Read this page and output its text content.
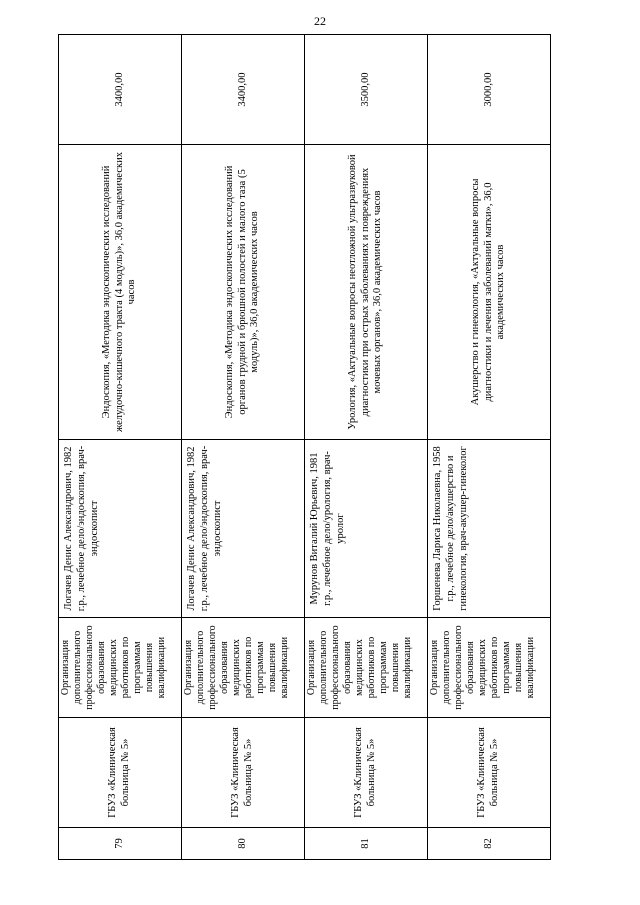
22
79	ГБУЗ «Клиническая больница № 5»	Организация дополнительного профессионального образования медицинских работников по программам повышения квалификации	Логачев Денис Александрович, 1982 г.р., лечебное дело/эндоскопия, врач-эндоскопист	Эндоскопия, «Методика эндоскопических исследований желудочно-кишечного тракта (4 модуль)», 36,0 академических часов	3400,00
80	ГБУЗ «Клиническая больница № 5»	Организация дополнительного профессионального образования медицинских работников по программам повышения квалификации	Логачев Денис Александрович, 1982 г.р., лечебное дело/эндоскопия, врач-эндоскопист	Эндоскопия, «Методика эндоскопических исследований органов грудной и брюшной полостей и малого таза (5 модуль)», 36,0 академических часов	3400,00
81	ГБУЗ «Клиническая больница № 5»	Организация дополнительного профессионального образования медицинских работников по программам повышения квалификации	Мурунов Виталий Юрьевич, 1981 г.р., лечебное дело/урология, врач-уролог	Урология, «Актуальные вопросы неотложной ультразвуковой диагностики при острых заболеваниях и повреждениях мочевых органов», 36,0 академических часов	3500,00
82	ГБУЗ «Клиническая больница № 5»	Организация дополнительного профессионального образования медицинских работников по программам повышения квалификации	Горшенева Лариса Николаевна, 1958 г.р., лечебное дело/акушерство и гинекология, врач-акушер-гинеколог	Акушерство и гинекология, «Актуальные вопросы диагностики и лечения заболеваний матки», 36,0 академических часов	3000,00
